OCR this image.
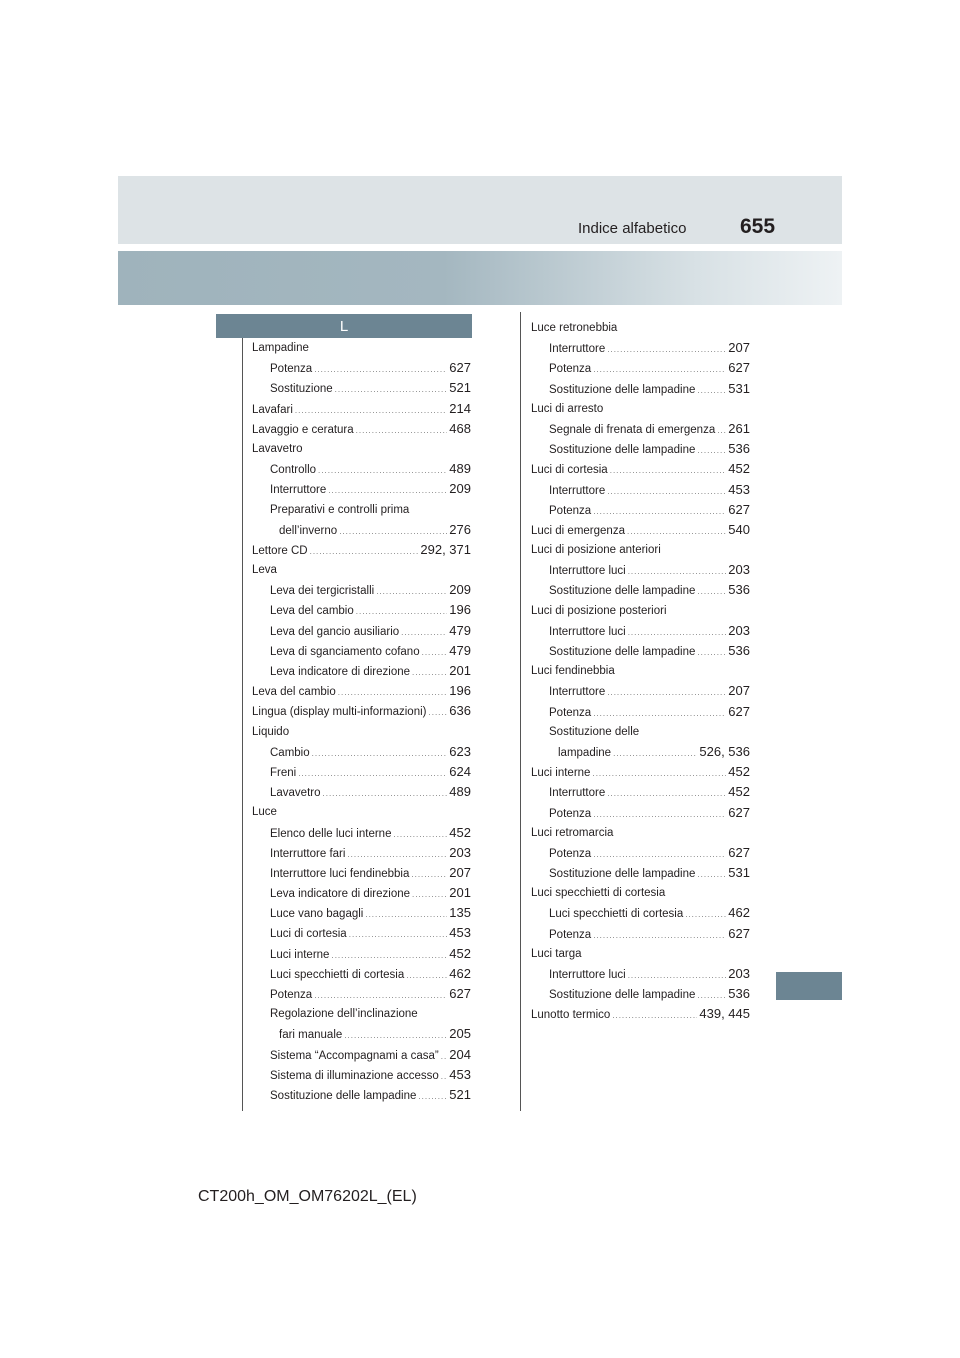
Indice alfabetico	655
L
Lampadine
Potenza .....	627
Sostituzione .....	521
Lavafari .....	214
Lavaggio e ceratura .....	468
Lavavetro
Controllo .....	489
Interruttore .....	209
Preparativi e controlli prima
dell’inverno .....	276
Lettore CD .....	292, 371
Leva
Leva dei tergicristalli .....	209
Leva del cambio .....	196
Leva del gancio ausiliario .....	479
Leva di sganciamento cofano ..... 479
Leva indicatore di direzione .....	201
Leva del cambio .....	196
Lingua (display multi-informazioni) ..... 636
Liquido
Cambio .....	623
Freni .....	624
Lavavetro .....	489
Luce
Elenco delle luci interne .....	452
Interruttore fari .....	203
Interruttore luci fendinebbia .....	207
Leva indicatore di direzione .....	201
Luce vano bagagli .....	135
Luci di cortesia .....	453
Luci interne .....	452
Luci specchietti di cortesia .....	462
Potenza .....	627
Regolazione dell’inclinazione
fari manuale .....	205
Sistema “Accompagnami a casa” ..... 204
Sistema di illuminazione accesso ..... 453
Sostituzione delle lampadine .....	521
Luce retronebbia
Interruttore .....	207
Potenza .....	627
Sostituzione delle lampadine .....	531
Luci di arresto
Segnale di frenata di emergenza ..... 261
Sostituzione delle lampadine .....	536
Luci di cortesia .....	452
Interruttore .....	453
Potenza .....	627
Luci di emergenza .....	540
Luci di posizione anteriori
Interruttore luci .....	203
Sostituzione delle lampadine .....	536
Luci di posizione posteriori
Interruttore luci .....	203
Sostituzione delle lampadine .....	536
Luci fendinebbia
Interruttore .....	207
Potenza .....	627
Sostituzione delle
lampadine .....	526, 536
Luci interne .....	452
Interruttore .....	452
Potenza .....	627
Luci retromarcia
Potenza .....	627
Sostituzione delle lampadine .....	531
Luci specchietti di cortesia
Luci specchietti di cortesia .....	462
Potenza .....	627
Luci targa
Interruttore luci .....	203
Sostituzione delle lampadine .....	536
Lunotto termico .....	439, 445
CT200h_OM_OM76202L_(EL)
